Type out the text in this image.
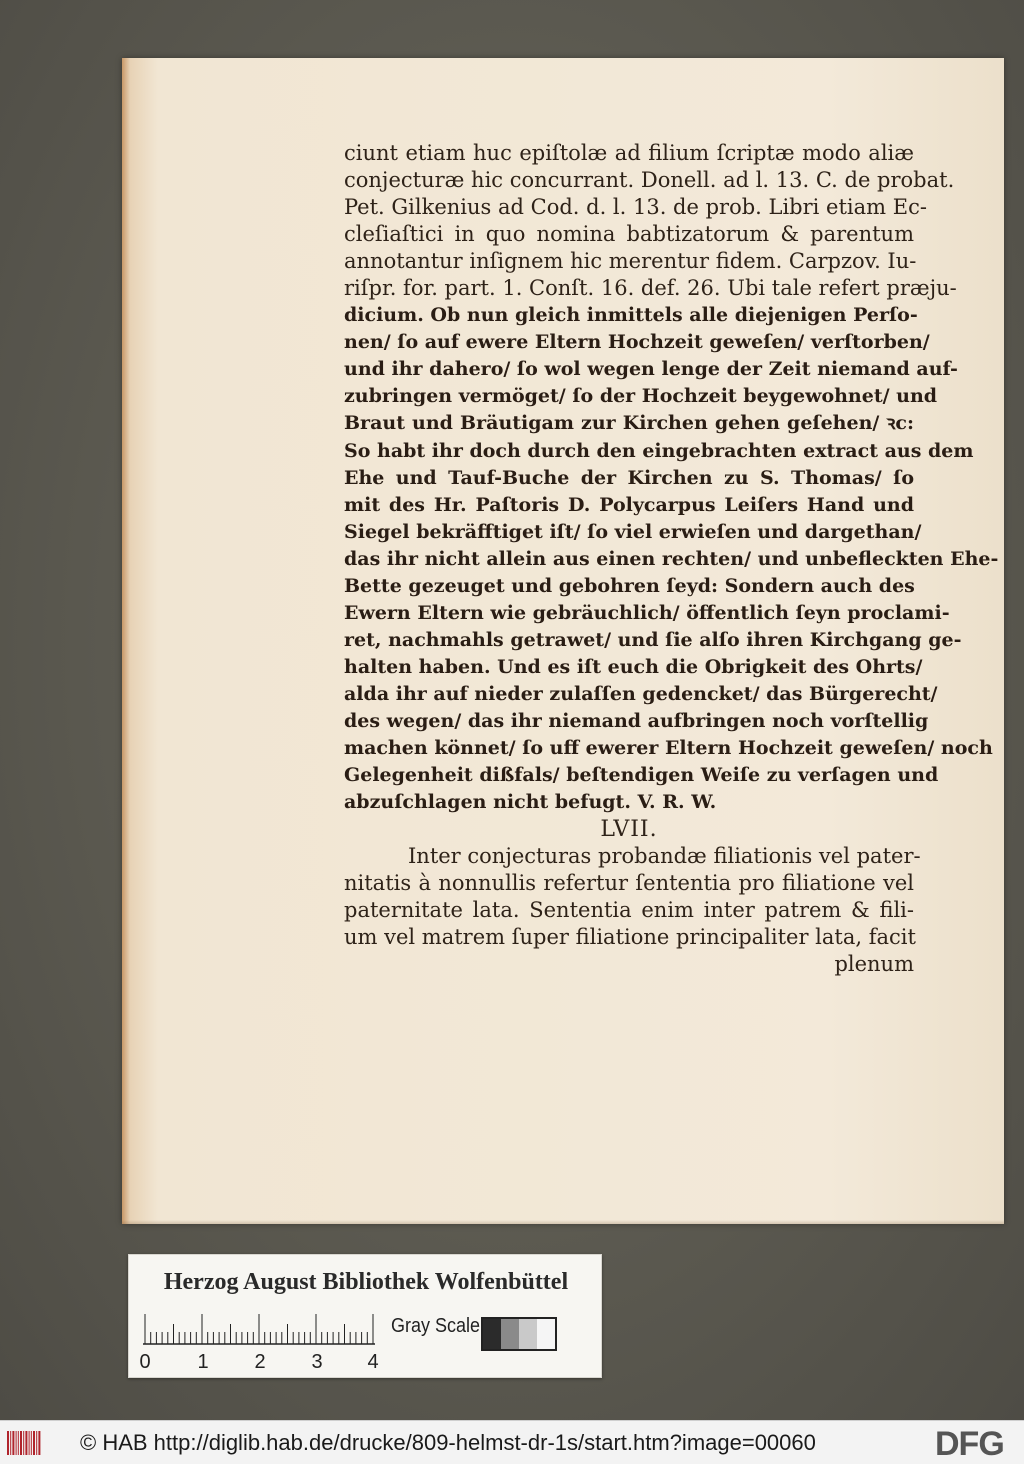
ciunt etiam huc epiſtolæ ad filium ſcriptæ modo aliæ
conjecturæ hic concurrant. Donell. ad l. 13. C. de probat.
Pet. Gilkenius ad Cod. d. l. 13. de prob. Libri etiam Ec-
cleſiaſtici in quo nomina babtizatorum & parentum
annotantur inſignem hic merentur fidem. Carpzov. Iu-
riſpr. for. part. 1. Conſt. 16. def. 26. Ubi tale refert præju-
dicium. Ob nun gleich inmittels alle diejenigen Perſo-
nen/ ſo auf ewere Eltern Hochzeit geweſen/ verſtorben/
und ihr dahero/ ſo wol wegen lenge der Zeit niemand auf-
zubringen vermöget/ ſo der Hochzeit beygewohnet/ und
Braut und Bräutigam zur Kirchen gehen geſehen/ ꝛc:
So habt ihr doch durch den eingebrachten extract aus dem
Ehe und Tauf-Buche der Kirchen zu S. Thomas/ ſo
mit des Hr. Paſtoris D. Polycarpus Leiſers Hand und
Siegel bekräfftiget iſt/ ſo viel erwieſen und dargethan/
das ihr nicht allein aus einen rechten/ und unbefleckten Ehe-
Bette gezeuget und gebohren ſeyd: Sondern auch des
Ewern Eltern wie gebräuchlich/ öffentlich ſeyn proclami-
ret, nachmahls getrawet/ und ſie alſo ihren Kirchgang ge-
halten haben. Und es iſt euch die Obrigkeit des Ohrts/
alda ihr auf nieder zulaſſen gedencket/ das Bürgerecht/
des wegen/ das ihr niemand aufbringen noch vorſtellig
machen könnet/ ſo uff ewerer Eltern Hochzeit geweſen/ noch
Gelegenheit dißfals/ beſtendigen Weiſe zu verſagen und
abzuſchlagen nicht befugt. V. R. W.
LVII.
Inter conjecturas probandæ filiationis vel pater-
nitatis à nonnullis refertur ſententia pro filiatione vel
paternitate lata. Sententia enim inter patrem & fili-
um vel matrem ſuper filiatione principaliter lata, facit
plenum
Herzog August Bibliothek Wolfenbüttel
0 1 2 3 4
Gray Scale
© HAB http://diglib.hab.de/drucke/809-helmst-dr-1s/start.htm?image=00060	DFG
